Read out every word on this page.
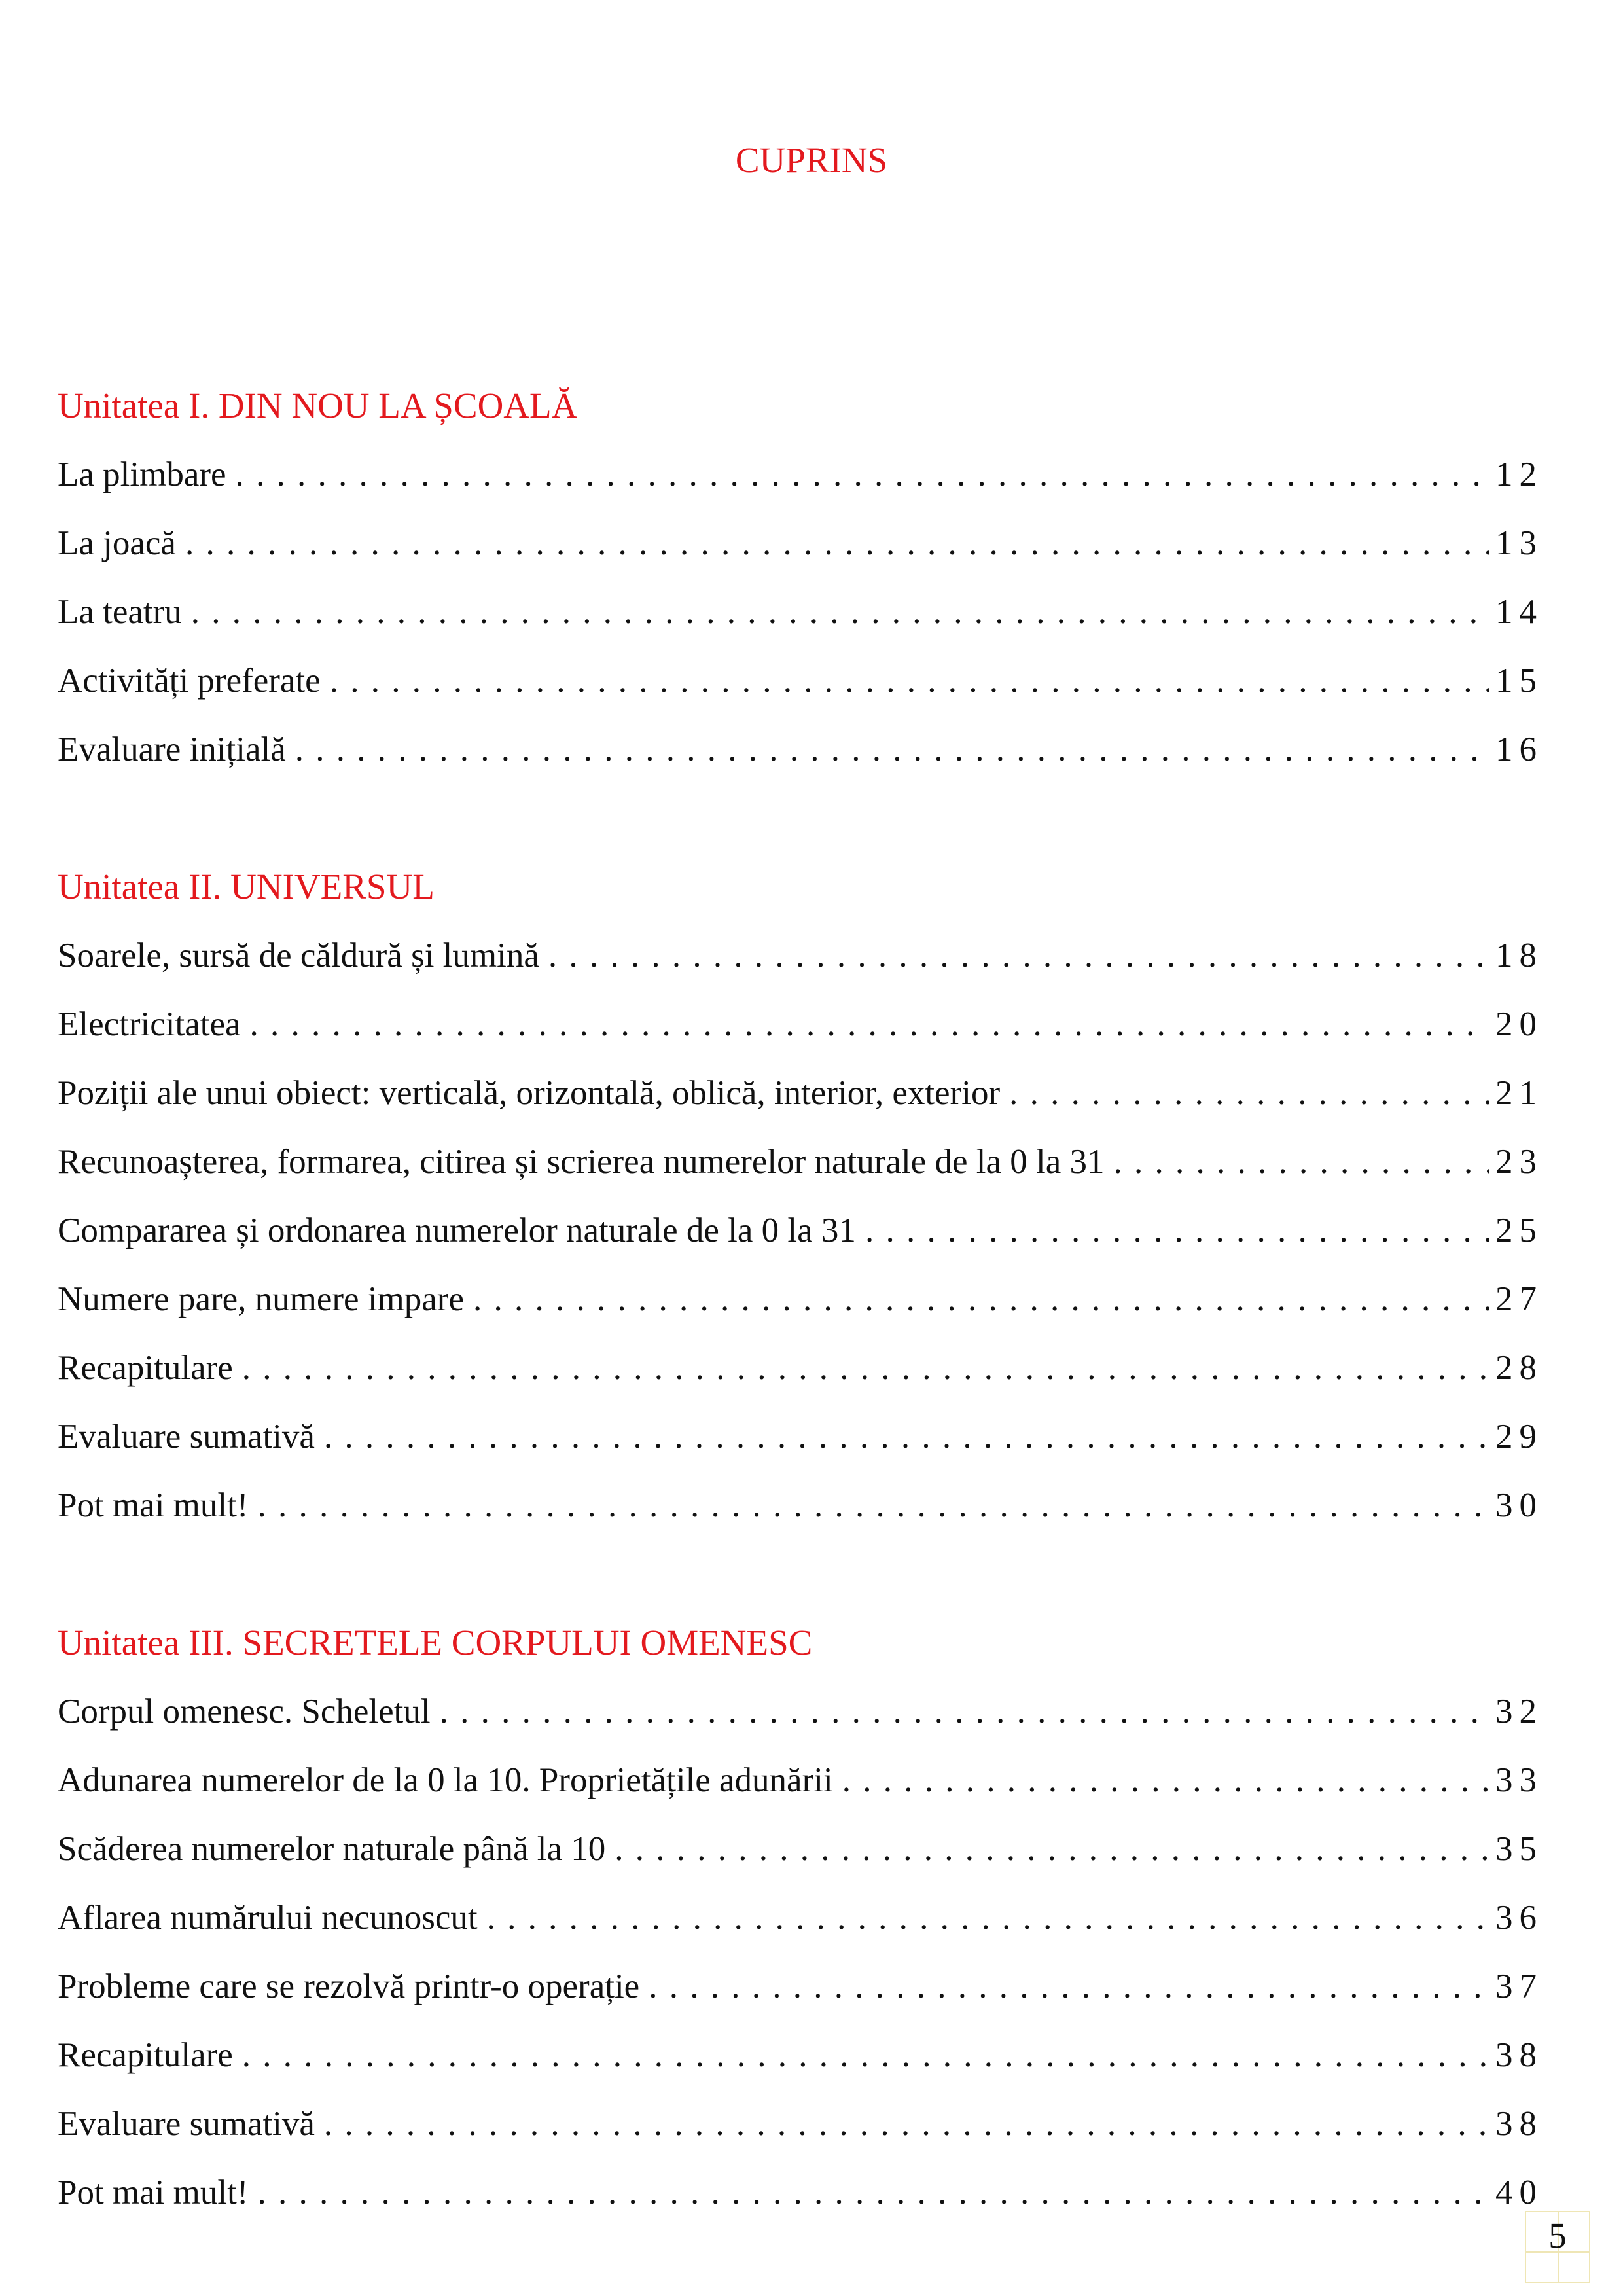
CUPRINS
Unitatea I. DIN NOU LA ȘCOALĂ
La plimbare . . .	12
La joacă . . .	13
La teatru . . .	14
Activități preferate . . .	15
Evaluare inițială . . .	16
Unitatea II. UNIVERSUL
Soarele, sursă de căldură și lumină . . .	18
Electricitatea . . .	20
Poziții ale unui obiect: verticală, orizontală, oblică, interior, exterior . . .	21
Recunoașterea, formarea, citirea și scrierea numerelor naturale de la 0 la 31 . . .	23
Compararea și ordonarea numerelor naturale de la 0 la 31 . . .	25
Numere pare, numere impare . . .	27
Recapitulare . . .	28
Evaluare sumativă . . .	29
Pot mai mult! . . .	30
Unitatea III. SECRETELE CORPULUI OMENESC
Corpul omenesc. Scheletul . . .	32
Adunarea numerelor de la 0 la 10. Proprietățile adunării . . .	33
Scăderea numerelor naturale până la 10 . . .	35
Aflarea numărului necunoscut . . .	36
Probleme care se rezolvă printr-o operație . . .	37
Recapitulare . . .	38
Evaluare sumativă . . .	38
Pot mai mult! . . .	40
5
